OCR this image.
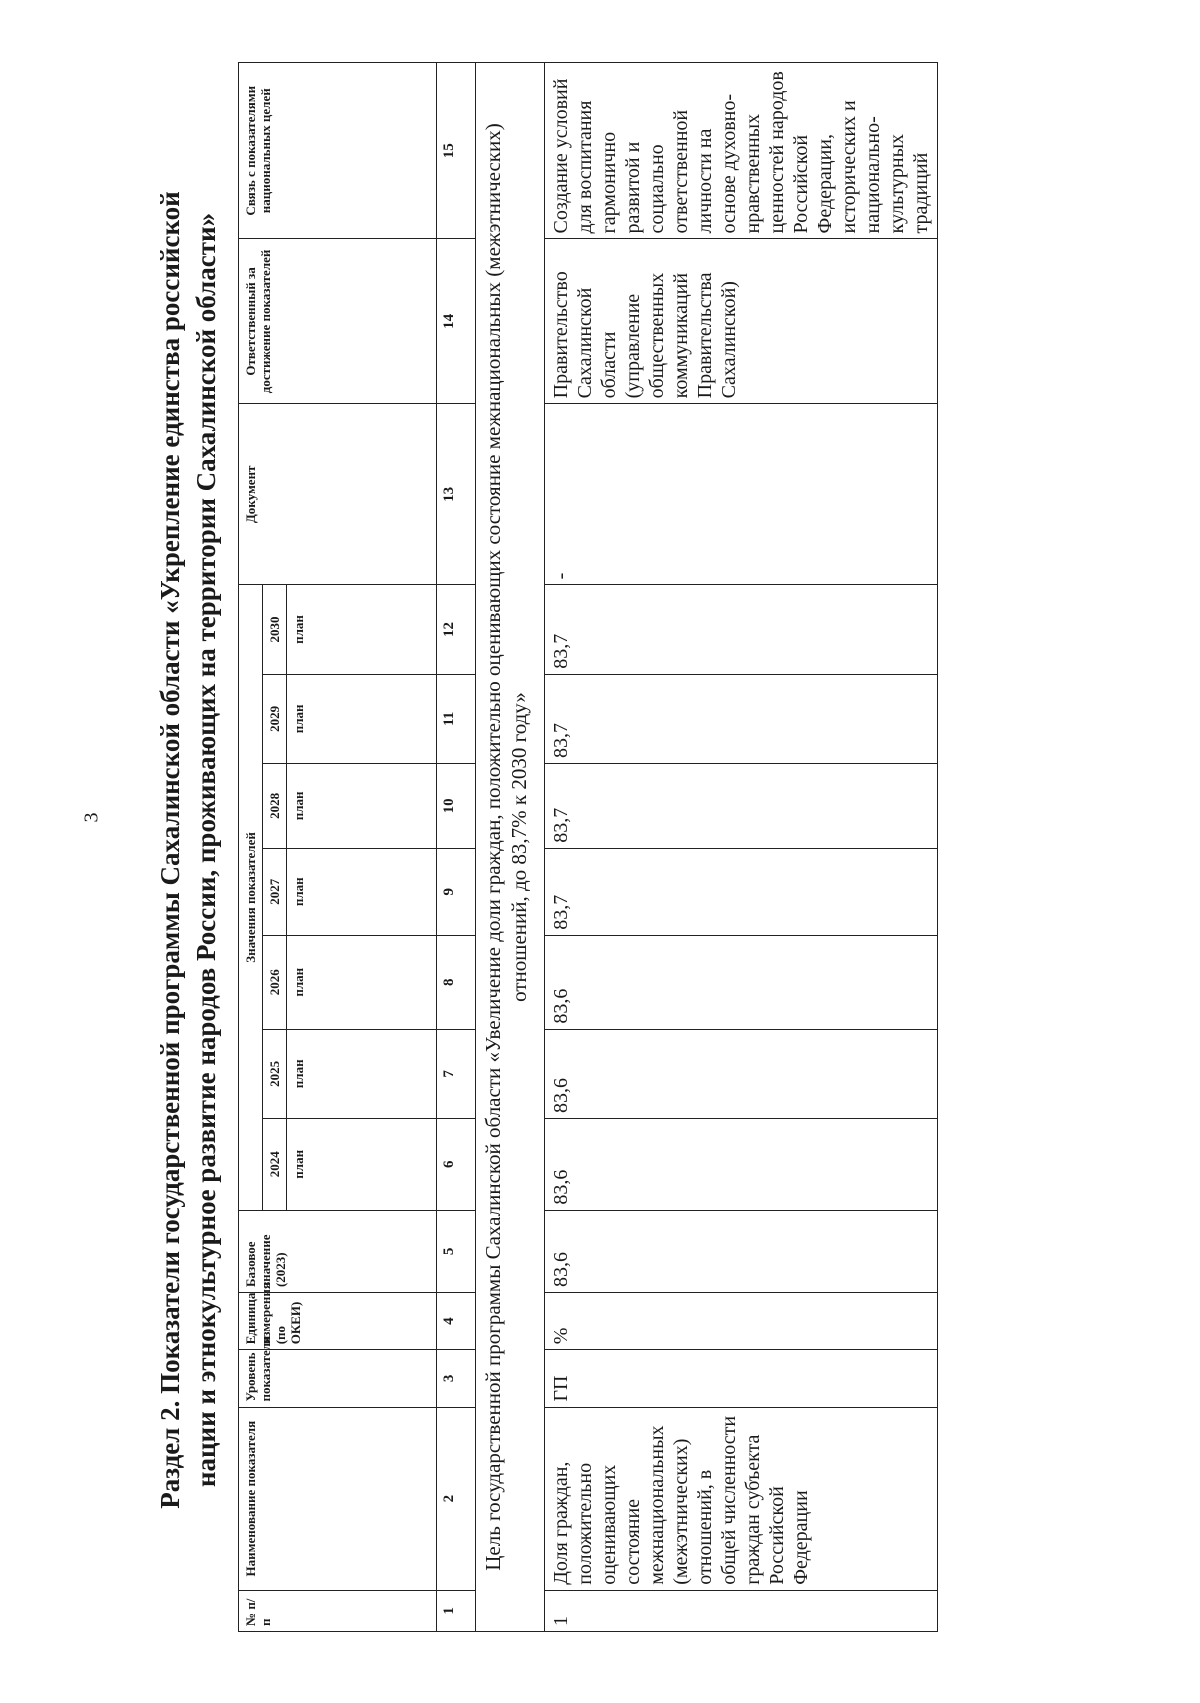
3 Раздел 2. Показатели государственной программы Сахалинской области «Укрепление единства российской нации и этнокультурное развитие народов России, проживающих на территории Сахалинской области»
№ п/п	Наименование показателя	Уровень показателя	Единица измерения (по ОКЕИ)	Базовое значение (2023)	Значения показателей							Документ	Ответственный за достижение показателей	Связь с показателями национальных целей
					2024	2025	2026	2027	2028	2029	2030			
					план	план	план	план	план	план	план			
1	2	3	4	5	6	7	8	9	10	11	12	13	14	15
Цель государственной программы Сахалинской области «Увеличение доли граждан, положительно оценивающих состояние межнациональных (межэтнических) отношений, до 83,7% к 2030 году»														
1	Доля граждан, положительно оценивающих состояние межнациональных (межэтнических) отношений, в общей численности граждан субъекта Российской Федерации	ГП	%	83,6	83,6	83,6	83,6	83,7	83,7	83,7	83,7	-	Правительство Сахалинской области (управление общественных коммуникаций Правительства Сахалинской)	Создание условий для воспитания гармонично развитой и социально ответственной личности на основе духовно-нравственных ценностей народов Российской Федерации, исторических и национально-культурных традиций
